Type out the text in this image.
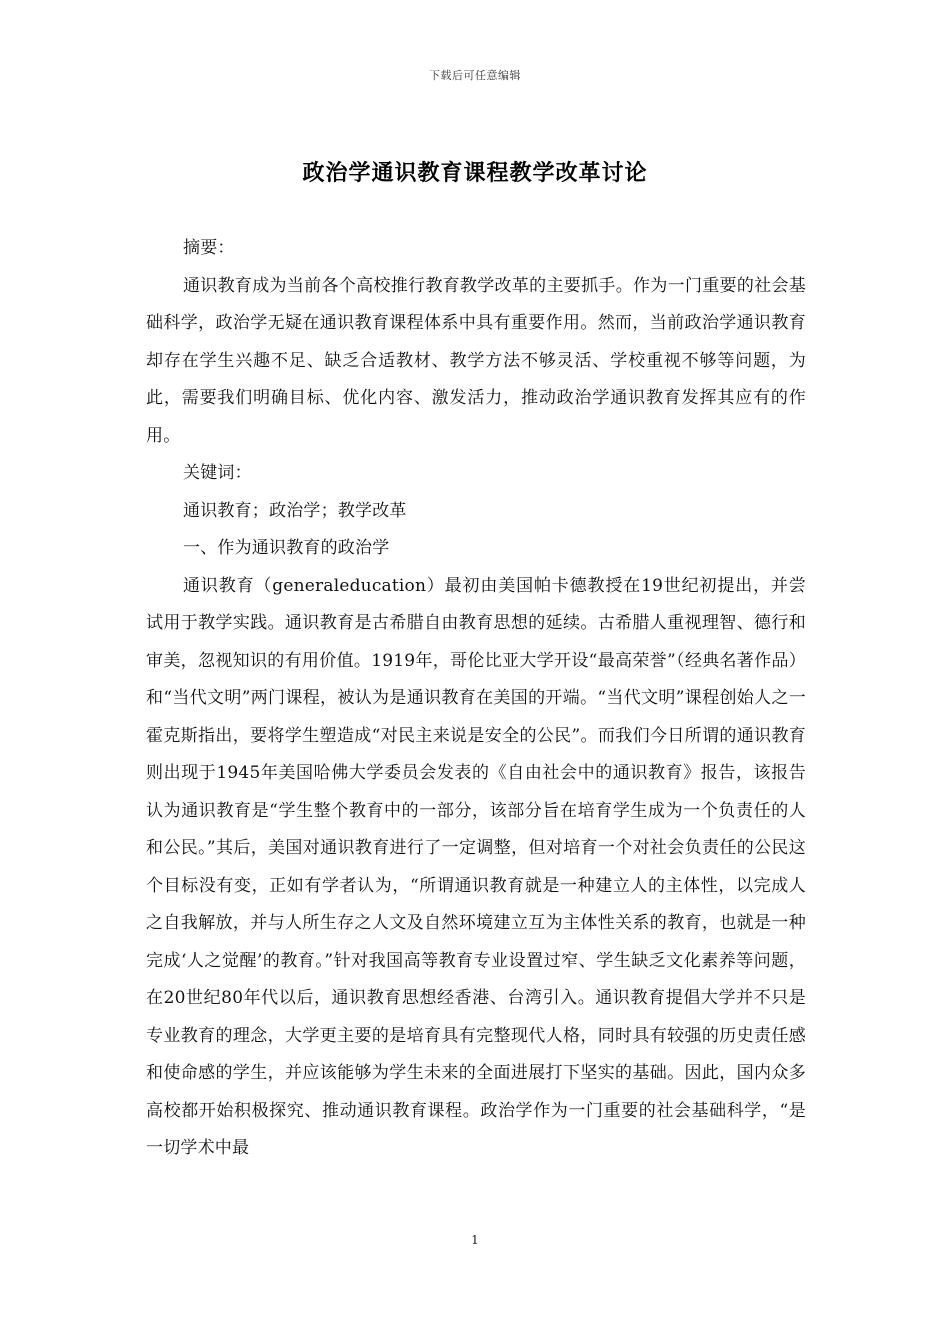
下载后可任意编辑
政治学通识教育课程教学改革讨论

摘要：

通识教育成为当前各个高校推行教育教学改革的主要抓手。作为一门重要的社会基础科学，政治学无疑在通识教育课程体系中具有重要作用。然而，当前政治学通识教育却存在学生兴趣不足、缺乏合适教材、教学方法不够灵活、学校重视不够等问题，为此，需要我们明确目标、优化内容、激发活力，推动政治学通识教育发挥其应有的作用。

关键词：

通识教育；政治学；教学改革

一、作为通识教育的政治学

通识教育（generaleducation）最初由美国帕卡德教授在19世纪初提出，并尝试用于教学实践。通识教育是古希腊自由教育思想的延续。古希腊人重视理智、德行和审美，忽视知识的有用价值。1919年，哥伦比亚大学开设“最高荣誉”（经典名著作品）和“当代文明”两门课程，被认为是通识教育在美国的开端。“当代文明”课程创始人之一霍克斯指出，要将学生塑造成“对民主来说是安全的公民”。而我们今日所谓的通识教育则出现于1945年美国哈佛大学委员会发表的《自由社会中的通识教育》报告，该报告认为通识教育是“学生整个教育中的一部分，该部分旨在培育学生成为一个负责任的人和公民。”其后，美国对通识教育进行了一定调整，但对培育一个对社会负责任的公民这个目标没有变，正如有学者认为，“所谓通识教育就是一种建立人的主体性，以完成人之自我解放，并与人所生存之人文及自然环境建立互为主体性关系的教育，也就是一种完成‘人之觉醒’的教育。”针对我国高等教育专业设置过窄、学生缺乏文化素养等问题，在20世纪80年代以后，通识教育思想经香港、台湾引入。通识教育提倡大学并不只是专业教育的理念，大学更主要的是培育具有完整现代人格，同时具有较强的历史责任感和使命感的学生，并应该能够为学生未来的全面进展打下坚实的基础。因此，国内众多高校都开始积极探究、推动通识教育课程。政治学作为一门重要的社会基础科学，“是一切学术中最

1
